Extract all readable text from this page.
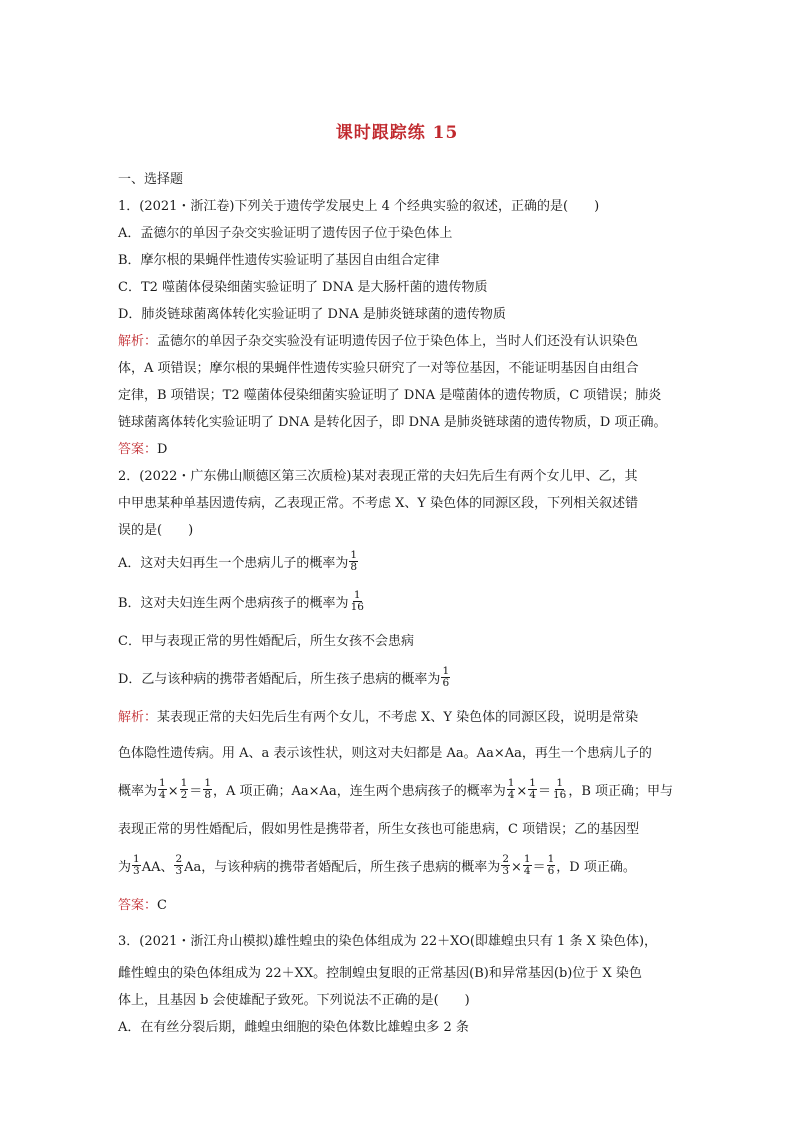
课时跟踪练 15
一、选择题
1．(2021・浙江卷)下列关于遗传学发展史上 4 个经典实验的叙述，正确的是(　　)
A．孟德尔的单因子杂交实验证明了遗传因子位于染色体上
B．摩尔根的果蝇伴性遗传实验证明了基因自由组合定律
C．T2 噬菌体侵染细菌实验证明了 DNA 是大肠杆菌的遗传物质
D．肺炎链球菌离体转化实验证明了 DNA 是肺炎链球菌的遗传物质
解析：孟德尔的单因子杂交实验没有证明遗传因子位于染色体上，当时人们还没有认识染色
体，A 项错误；摩尔根的果蝇伴性遗传实验只研究了一对等位基因，不能证明基因自由组合
定律，B 项错误；T2 噬菌体侵染细菌实验证明了 DNA 是噬菌体的遗传物质，C 项错误；肺炎
链球菌离体转化实验证明了 DNA 是转化因子，即 DNA 是肺炎链球菌的遗传物质，D 项正确。
答案：D
2．(2022・广东佛山顺德区第三次质检)某对表现正常的夫妇先后生有两个女儿甲、乙，其
中甲患某种单基因遗传病，乙表现正常。不考虑 X、Y 染色体的同源区段，下列相关叙述错
误的是(　　)
A．这对夫妇再生一个患病儿子的概率为 $\frac{1}{8}$
B．这对夫妇连生两个患病孩子的概率为 $\frac{1}{16}$
C．甲与表现正常的男性婚配后，所生女孩不会患病
D．乙与该种病的携带者婚配后，所生孩子患病的概率为 $\frac{1}{6}$
解析：某表现正常的夫妇先后生有两个女儿，不考虑 X、Y 染色体的同源区段，说明是常染
色体隐性遗传病。用 A、a 表示该性状，则这对夫妇都是 Aa。Aa×Aa，再生一个患病儿子的
概率为 $\frac{1}{4} \times \frac{1}{2} = \frac{1}{8}$ ，A 项正确；Aa×Aa，连生两个患病孩子的概率为 $\frac{1}{4} \times \frac{1}{4} = \frac{1}{16}$ ，B 项正确；甲与
表现正常的男性婚配后，假如男性是携带者，所生女孩也可能患病，C 项错误；乙的基因型
为 $\frac{1}{3}$ AA、 $\frac{2}{3}$ Aa，与该种病的携带者婚配后，所生孩子患病的概率为 $\frac{2}{3} \times \frac{1}{4} = \frac{1}{6}$ ，D 项正确。
答案：C
3．(2021・浙江舟山模拟)雄性蝗虫的染色体组成为 22＋XO(即雄蝗虫只有 1 条 X 染色体)，
雌性蝗虫的染色体组成为 22＋XX。控制蝗虫复眼的正常基因(B)和异常基因(b)位于 X 染色
体上，且基因 b 会使雄配子致死。下列说法不正确的是(　　)
A．在有丝分裂后期，雌蝗虫细胞的染色体数比雄蝗虫多 2 条
